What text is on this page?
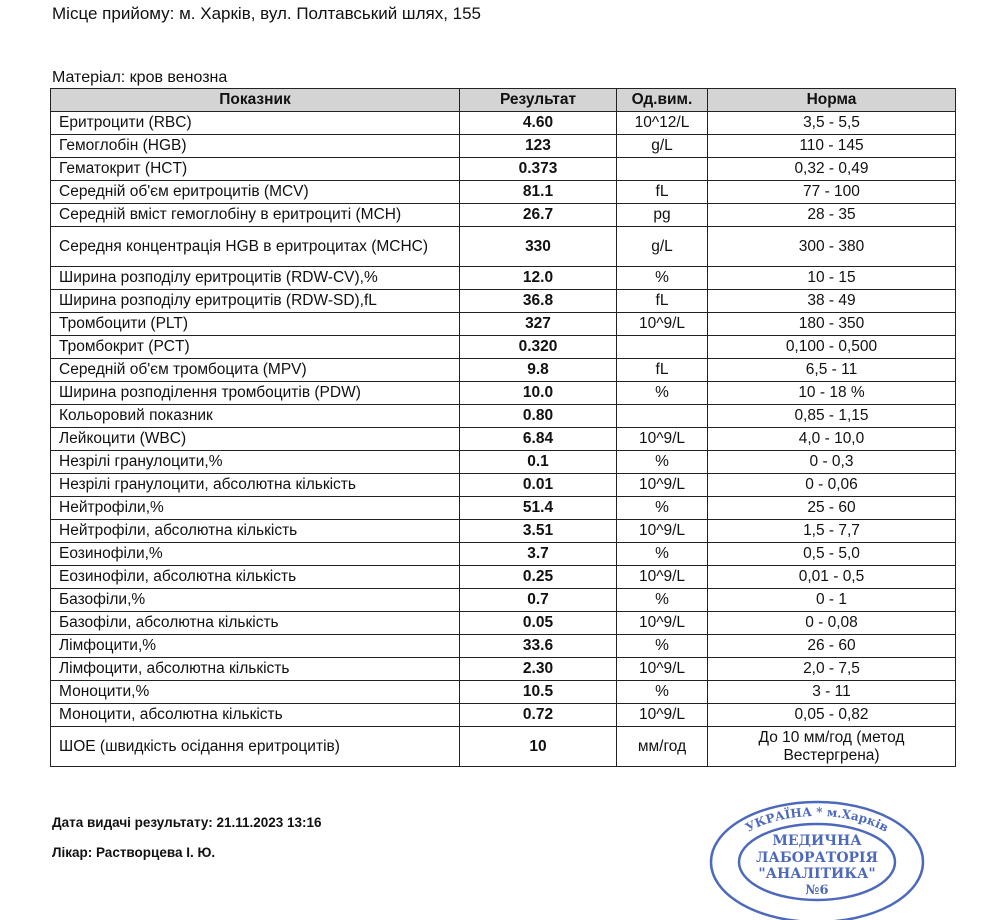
Місце прийому: м. Харків, вул. Полтавський шлях, 155
Матеріал: кров венозна
Показник	Результат	Од.вим.	Норма
Еритроцити (RBC)	4.60	10^12/L	3,5 - 5,5
Гемоглобін (HGB)	123	g/L	110 - 145
Гематокрит (HCT)	0.373		0,32 - 0,49
Середній об'єм еритроцитів (MCV)	81.1	fL	77 - 100
Середній вміст гемоглобіну в еритроциті (MCH)	26.7	pg	28 - 35
Середня концентрація HGB в еритроцитах (MCHC)	330	g/L	300 - 380
Ширина розподілу еритроцитів (RDW-CV),%	12.0	%	10 - 15
Ширина розподілу еритроцитів (RDW-SD),fL	36.8	fL	38 - 49
Тромбоцити (PLT)	327	10^9/L	180 - 350
Тромбокрит (PCT)	0.320		0,100 - 0,500
Середній об'єм тромбоцита (MPV)	9.8	fL	6,5 - 11
Ширина розподілення тромбоцитів (PDW)	10.0	%	10 - 18 %
Кольоровий показник	0.80		0,85 - 1,15
Лейкоцити (WBC)	6.84	10^9/L	4,0 - 10,0
Незрілі гранулоцити,%	0.1	%	0 - 0,3
Незрілі гранулоцити, абсолютна кількість	0.01	10^9/L	0 - 0,06
Нейтрофіли,%	51.4	%	25 - 60
Нейтрофіли, абсолютна кількість	3.51	10^9/L	1,5 - 7,7
Еозинофіли,%	3.7	%	0,5 - 5,0
Еозинофіли, абсолютна кількість	0.25	10^9/L	0,01 - 0,5
Базофіли,%	0.7	%	0 - 1
Базофіли, абсолютна кількість	0.05	10^9/L	0 - 0,08
Лімфоцити,%	33.6	%	26 - 60
Лімфоцити, абсолютна кількість	2.30	10^9/L	2,0 - 7,5
Моноцити,%	10.5	%	3 - 11
Моноцити, абсолютна кількість	0.72	10^9/L	0,05 - 0,82
ШОЕ (швидкість осідання еритроцитів)	10	мм/год	До 10 мм/год (метод Вестергрена)
Дата видачі результату: 21.11.2023 13:16
Лікар: Растворцева І. Ю.
УКРАЇНА * м.Харків
МЕДИЧНА
ЛАБОРАТОРІЯ
"АНАЛІТИКА"
№6
